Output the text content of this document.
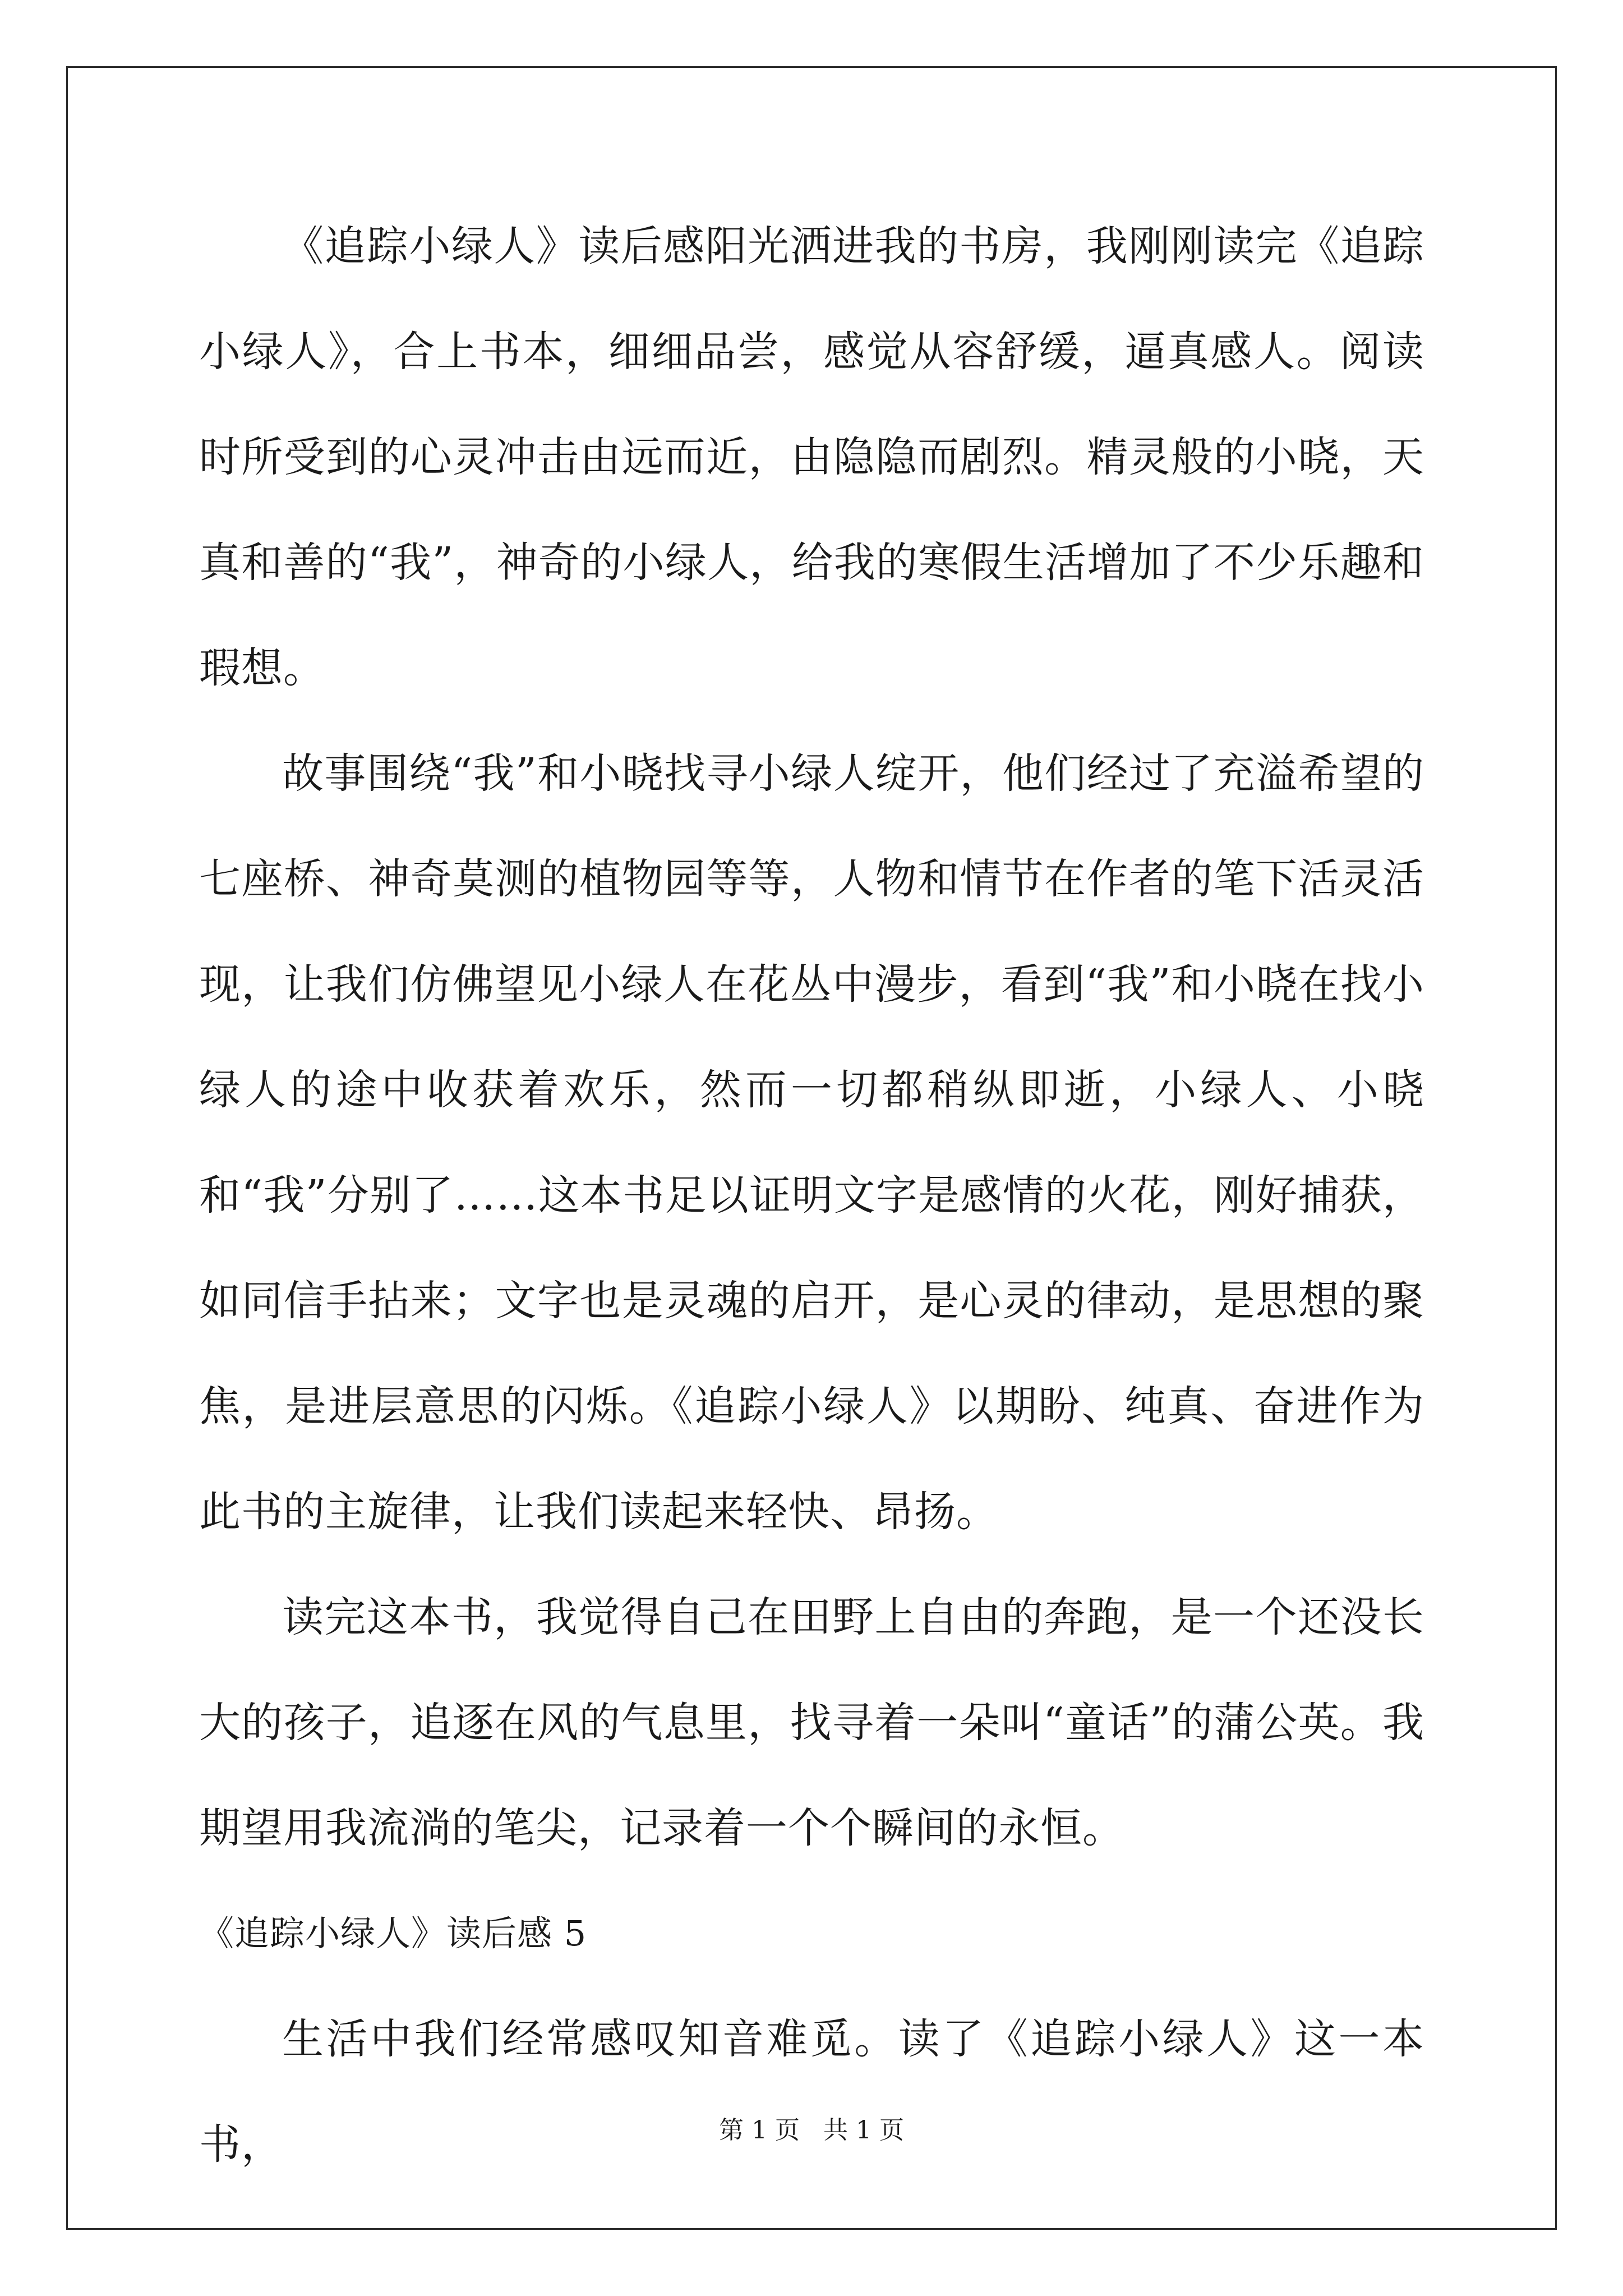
《追踪小绿人》读后感阳光洒进我的书房，我刚刚读完《追踪小绿人》，合上书本，细细品尝，感觉从容舒缓，逼真感人。阅读时所受到的心灵冲击由远而近，由隐隐而剧烈。精灵般的小晓，天真和善的“我”，神奇的小绿人，给我的寒假生活增加了不少乐趣和瑕想。

故事围绕“我”和小晓找寻小绿人绽开，他们经过了充溢希望的七座桥、神奇莫测的植物园等等，人物和情节在作者的笔下活灵活现，让我们仿佛望见小绿人在花丛中漫步，看到“我”和小晓在找小绿人的途中收获着欢乐，然而一切都稍纵即逝，小绿人、小晓和“我”分别了……这本书足以证明文字是感情的火花，刚好捕获，如同信手拈来；文字也是灵魂的启开，是心灵的律动，是思想的聚焦，是进层意思的闪烁。《追踪小绿人》以期盼、纯真、奋进作为此书的主旋律，让我们读起来轻快、昂扬。

读完这本书，我觉得自己在田野上自由的奔跑，是一个还没长大的孩子，追逐在风的气息里，找寻着一朵叫“童话”的蒲公英。我期望用我流淌的笔尖，记录着一个个瞬间的永恒。

《追踪小绿人》读后感 5

生活中我们经常感叹知音难觅。读了《追踪小绿人》这一本书，	第 1 页 共 1 页
